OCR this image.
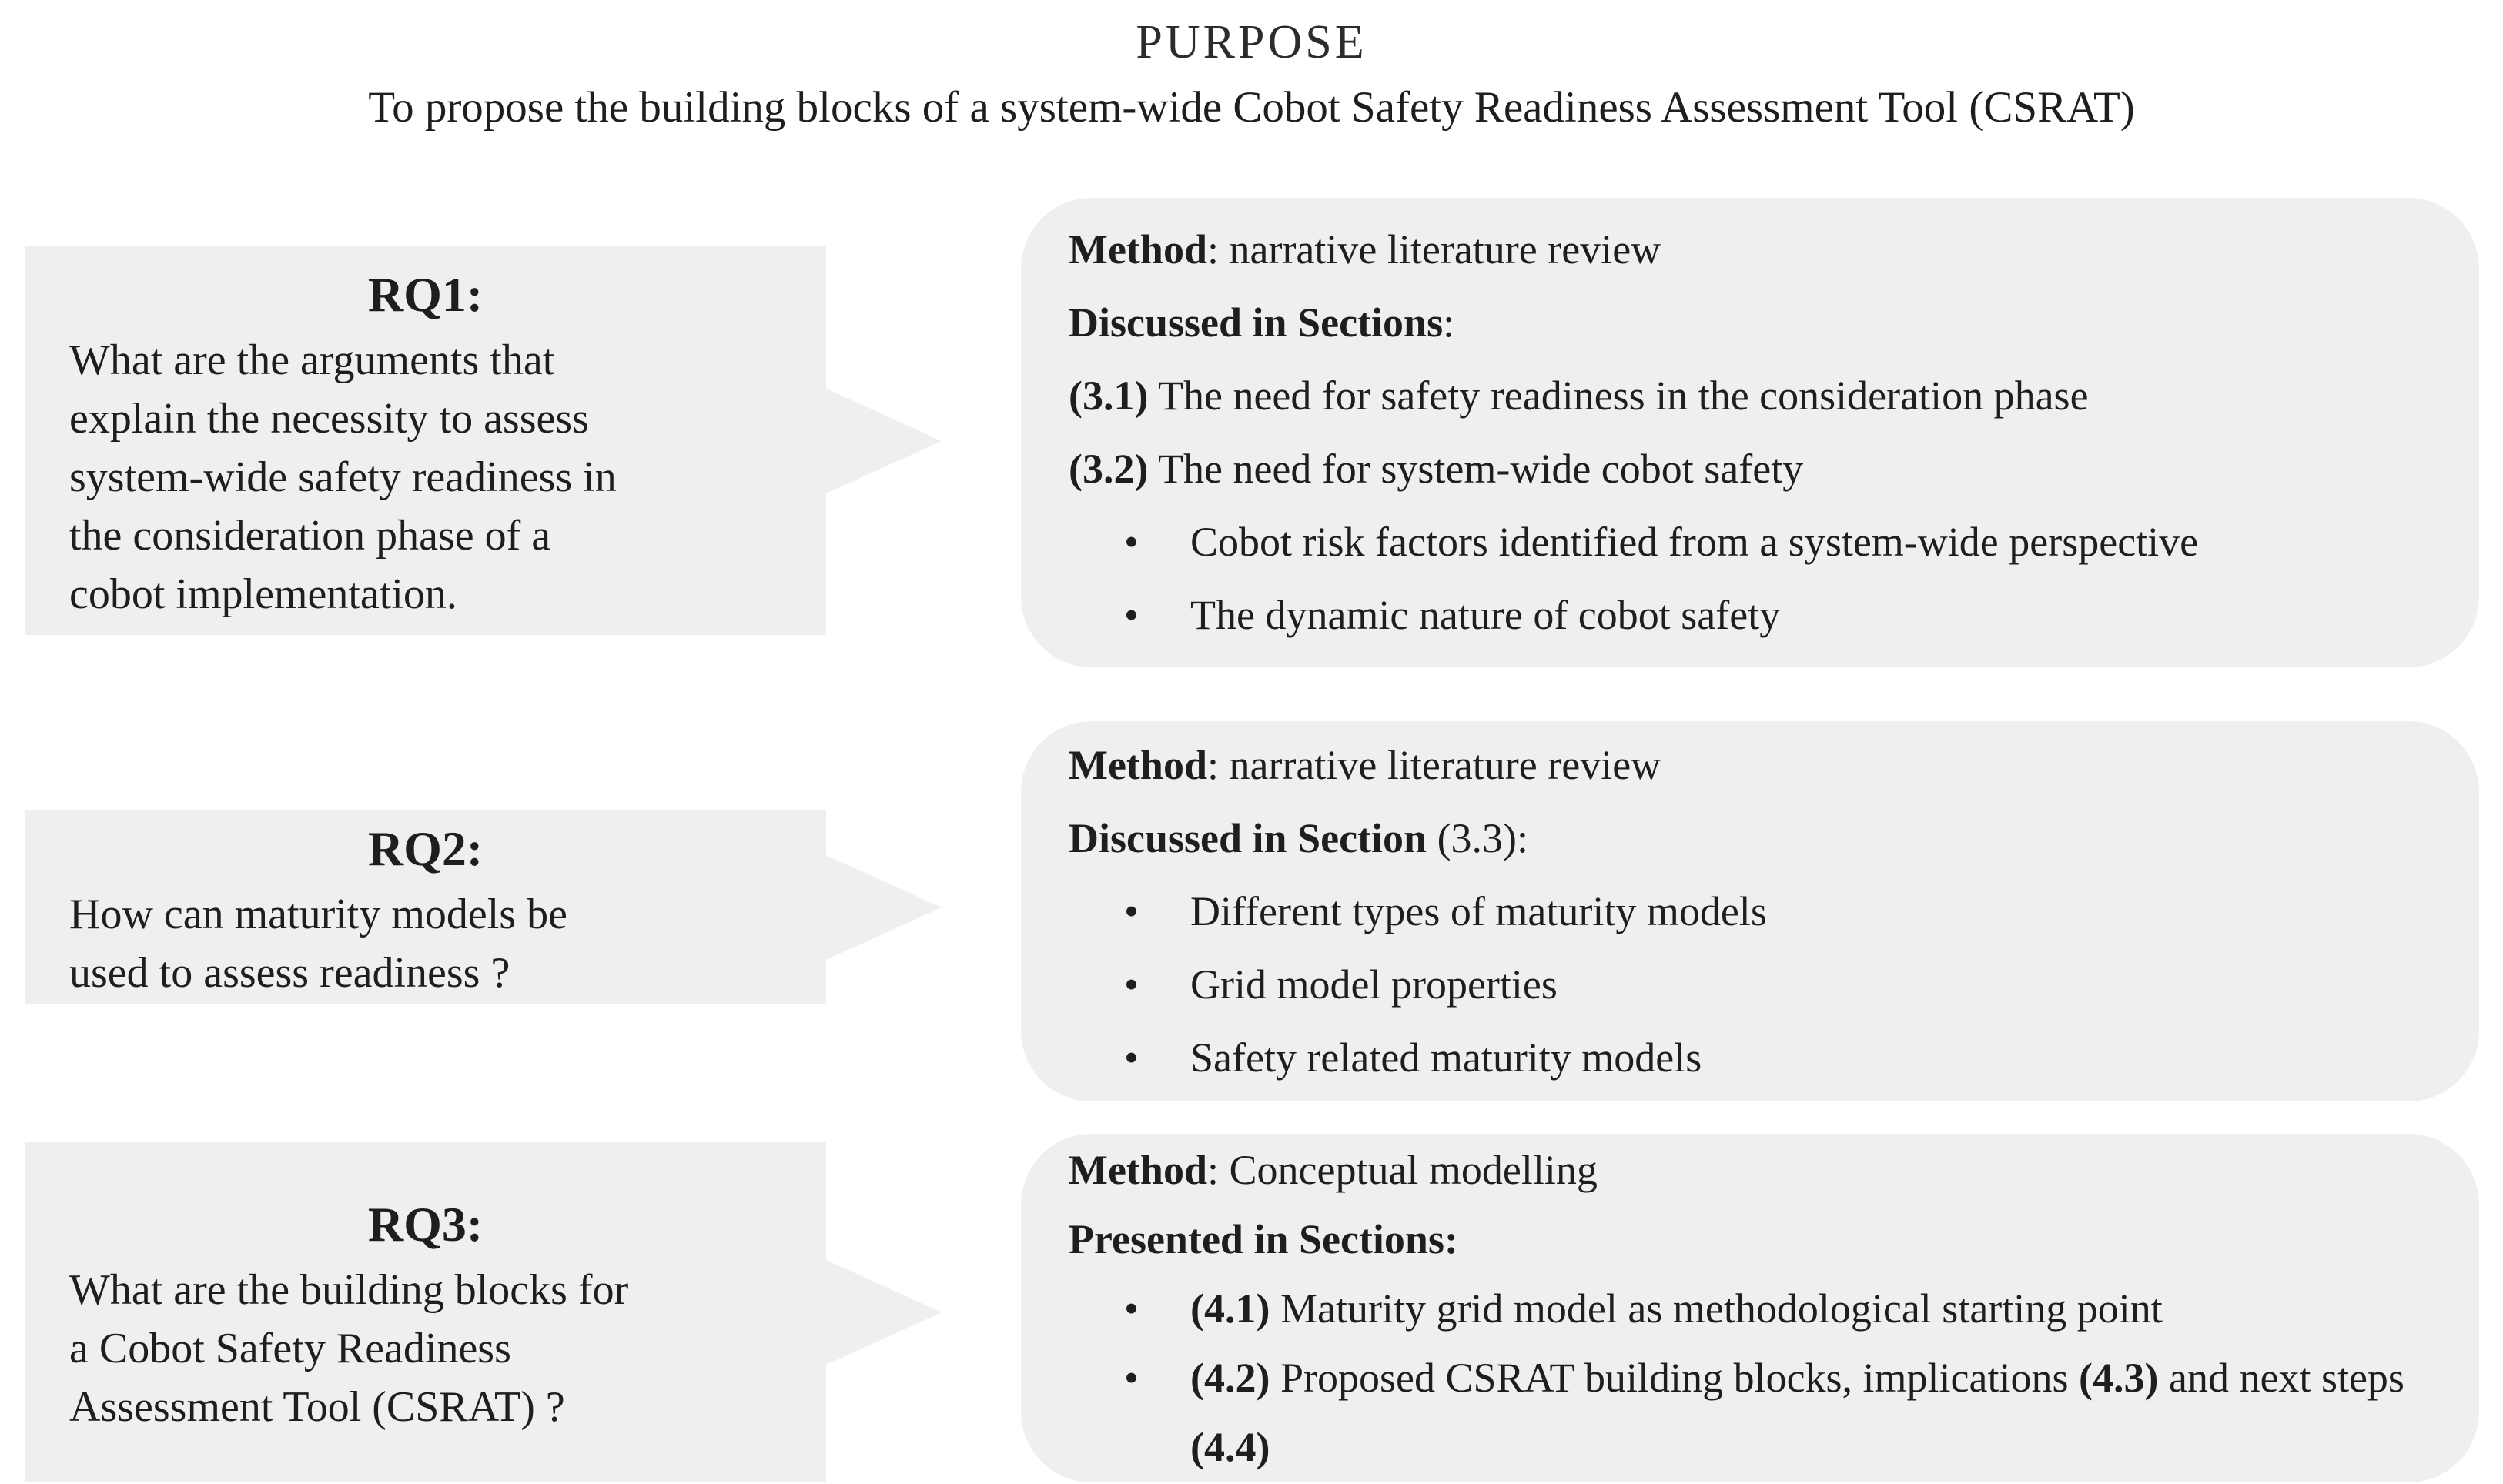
PURPOSE

To propose the building blocks of a system-wide Cobot Safety Readiness Assessment Tool (CSRAT)

RQ1:
What are the arguments that
explain the necessity to assess
system-wide safety readiness in
the consideration phase of a
cobot implementation.
Method: narrative literature review
Discussed in Sections:
(3.1) The need for safety readiness in the consideration phase
(3.2) The need for system-wide cobot safety
•	Cobot risk factors identified from a system-wide perspective
•	The dynamic nature of cobot safety
RQ2:
How can maturity models be
used to assess readiness ?
Method: narrative literature review
Discussed in Section (3.3):
•	Different types of maturity models
•	Grid model properties
•	Safety related maturity models
RQ3:
What are the building blocks for
a Cobot Safety Readiness
Assessment Tool (CSRAT) ?
Method: Conceptual modelling
Presented in Sections:
•	(4.1) Maturity grid model as methodological starting point
•	(4.2) Proposed CSRAT building blocks, implications (4.3) and next steps (4.4)
